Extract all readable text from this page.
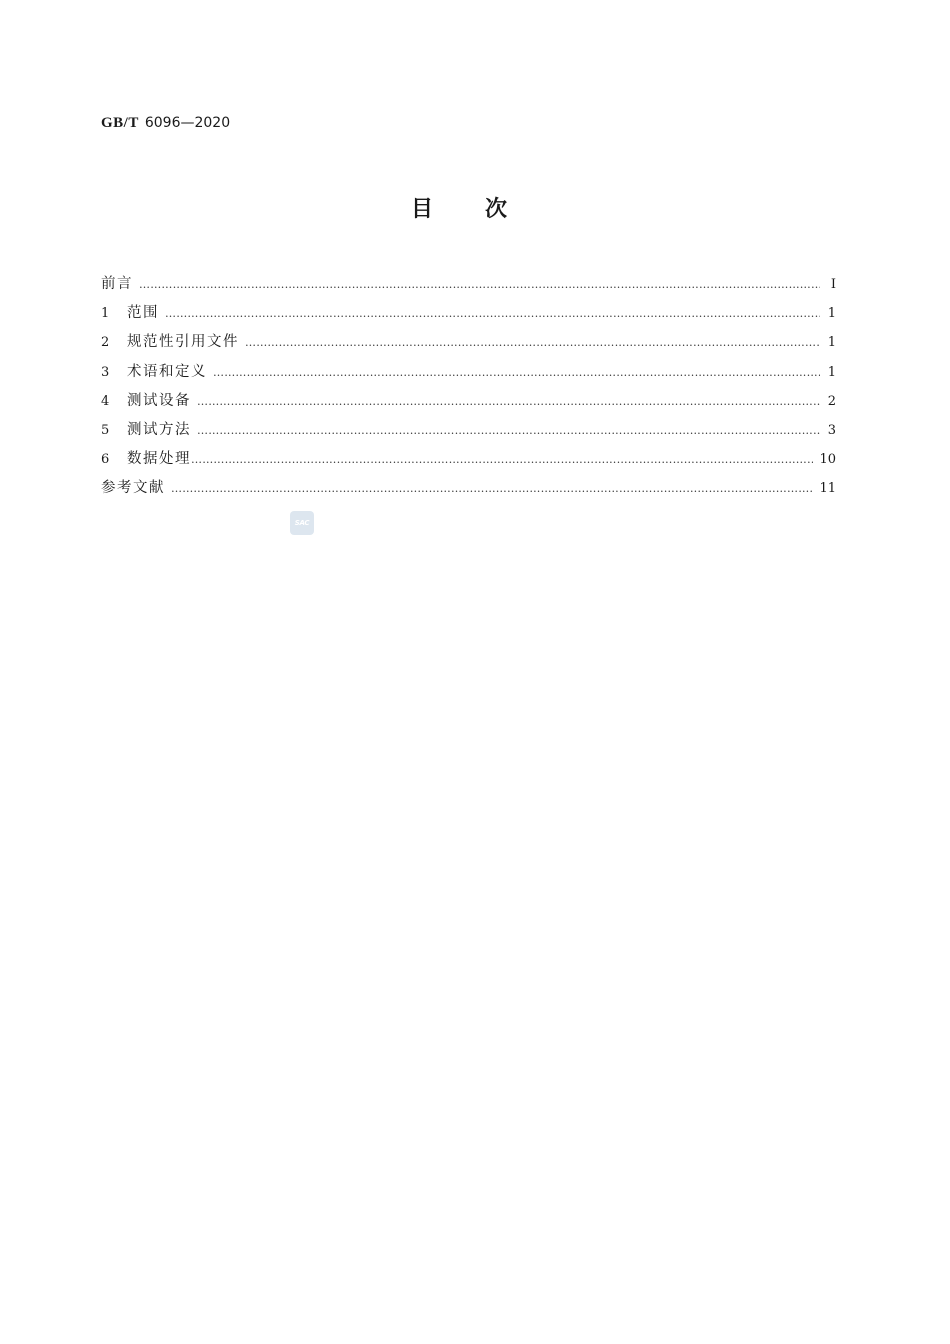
GB/T 6096—2020
目次
前言 …………………………………………………………………………………………………………………………………………………………………………………………………………………	Ⅰ
1	范围 …………………………………………………………………………………………………………………………………………………………………………………………………………………	1
2	规范性引用文件 …………………………………………………………………………………………………………………………………………………………………………………………………………………	1
3	术语和定义 …………………………………………………………………………………………………………………………………………………………………………………………………………………	1
4	测试设备 …………………………………………………………………………………………………………………………………………………………………………………………………………………	2
5	测试方法 …………………………………………………………………………………………………………………………………………………………………………………………………………………	3
6	数据处理 …………………………………………………………………………………………………………………………………………………………………………………………………………………	10
参考文献 …………………………………………………………………………………………………………………………………………………………………………………………………………………	11
SAC
